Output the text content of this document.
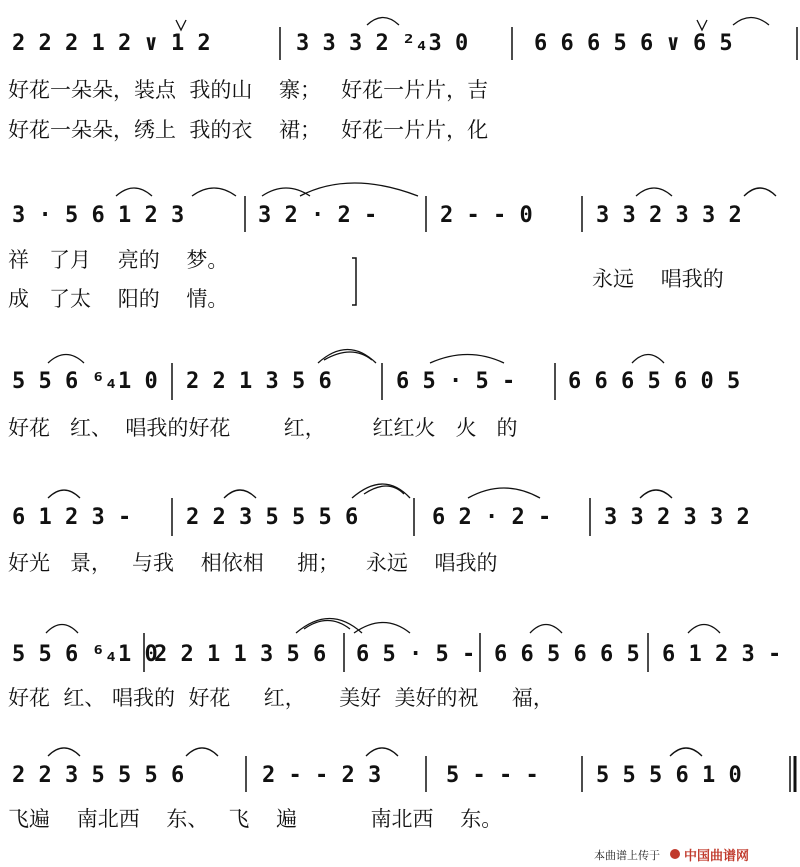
2 2 2 1 2 ∨ 1 2	3 3 3 2 ²₄3 0	6 6 6 5 6 ∨ 6 5
好花一朵朵，装点  我的山    寨；   好花一片片，吉
好花一朵朵，绣上  我的衣    裙；   好花一片片，化
3 · 5 6 1 2 3	3 2 · 2 -	2 - - 0	3 3 2 3 3 2
祥   了月    亮的    梦。
成   了太    阳的    情。
永远    唱我的
5 5 6 ⁶₄1 0 2 2 1 3 5 6	6 5 · 5 - 6 6 6 5 6 0 5
好花   红、  唱我的好花        红，       红红火   火   的
6 1 2 3 - 2 2 3 5 5 5 6	6 2 · 2 - 3 3 2 3 3 2
好光   景，   与我    相依相     拥；    永远    唱我的
5 5 6 ⁶₄1 0
2 2 1 1 3 5 6 6 5 · 5 - 6 6 5 6 6 5 6 1 2 3 -
好花  红、 唱我的  好花     红，     美好  美好的祝     福，
2 2 3 5 5 5 6	2 - - 2 3	5 - - -	5 5 5 6 1 0
飞遍    南北西    东、   飞    遍           南北西    东。
本曲谱上传于 中国曲谱网
